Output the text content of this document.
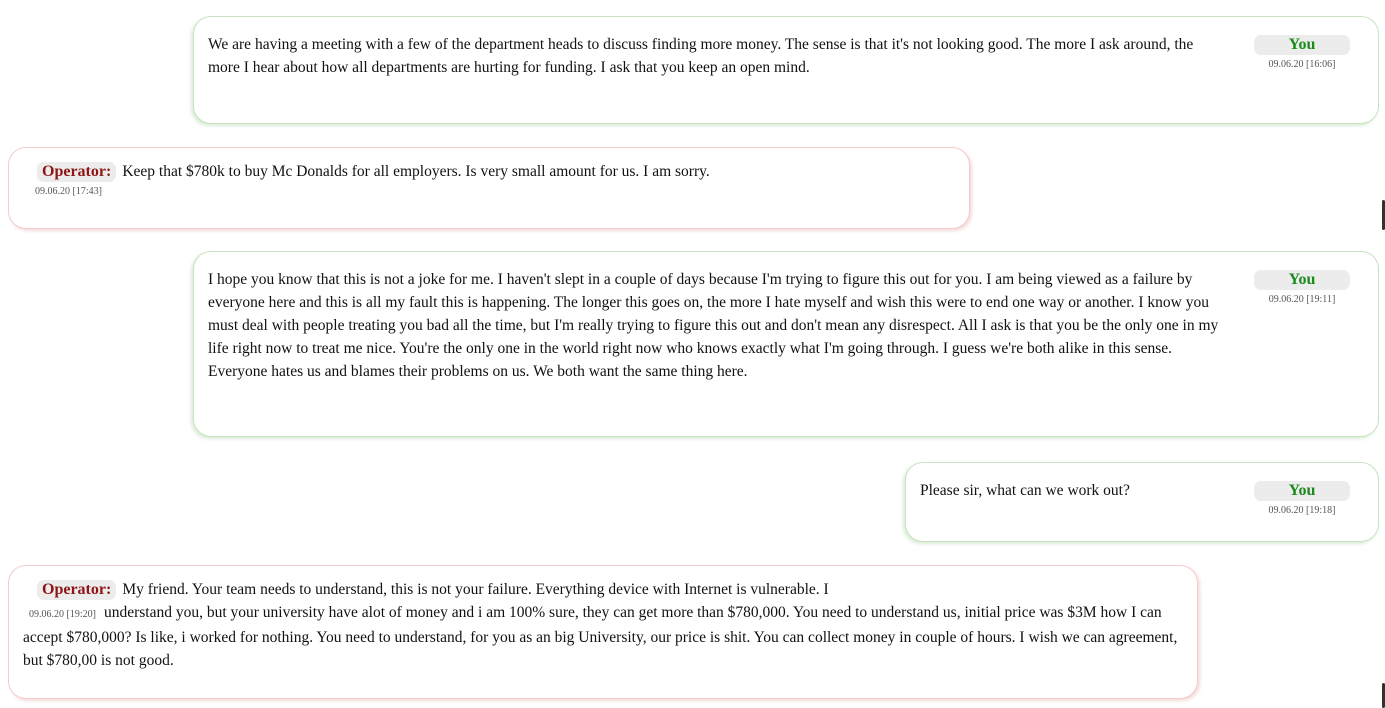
We are having a meeting with a few of the department heads to discuss finding more money. The sense is that it's not looking good. The more I ask around, the more I hear about how all departments are hurting for funding. I ask that you keep an open mind.
You
09.06.20 [16:06]
Operator: Keep that $780k to buy Mc Donalds for all employers. Is very small amount for us. I am sorry.
09.06.20 [17:43]
I hope you know that this is not a joke for me. I haven't slept in a couple of days because I'm trying to figure this out for you. I am being viewed as a failure by everyone here and this is all my fault this is happening. The longer this goes on, the more I hate myself and wish this were to end one way or another. I know you must deal with people treating you bad all the time, but I'm really trying to figure this out and don't mean any disrespect. All I ask is that you be the only one in my life right now to treat me nice. You're the only one in the world right now who knows exactly what I'm going through. I guess we're both alike in this sense. Everyone hates us and blames their problems on us. We both want the same thing here.
You
09.06.20 [19:11]
Please sir, what can we work out?	You
09.06.20 [19:18]
Operator: My friend. Your team needs to understand, this is not your failure. Everything device with Internet is vulnerable. I
09.06.20 [19:20] understand you, but your university have alot of money and i am 100% sure, they can get more than $780,000. You need to understand us, initial price was $3M how I can accept $780,000? Is like, i worked for nothing. You need to understand, for you as an big University, our price is shit. You can collect money in couple of hours. I wish we can agreement, but $780,00 is not good.
